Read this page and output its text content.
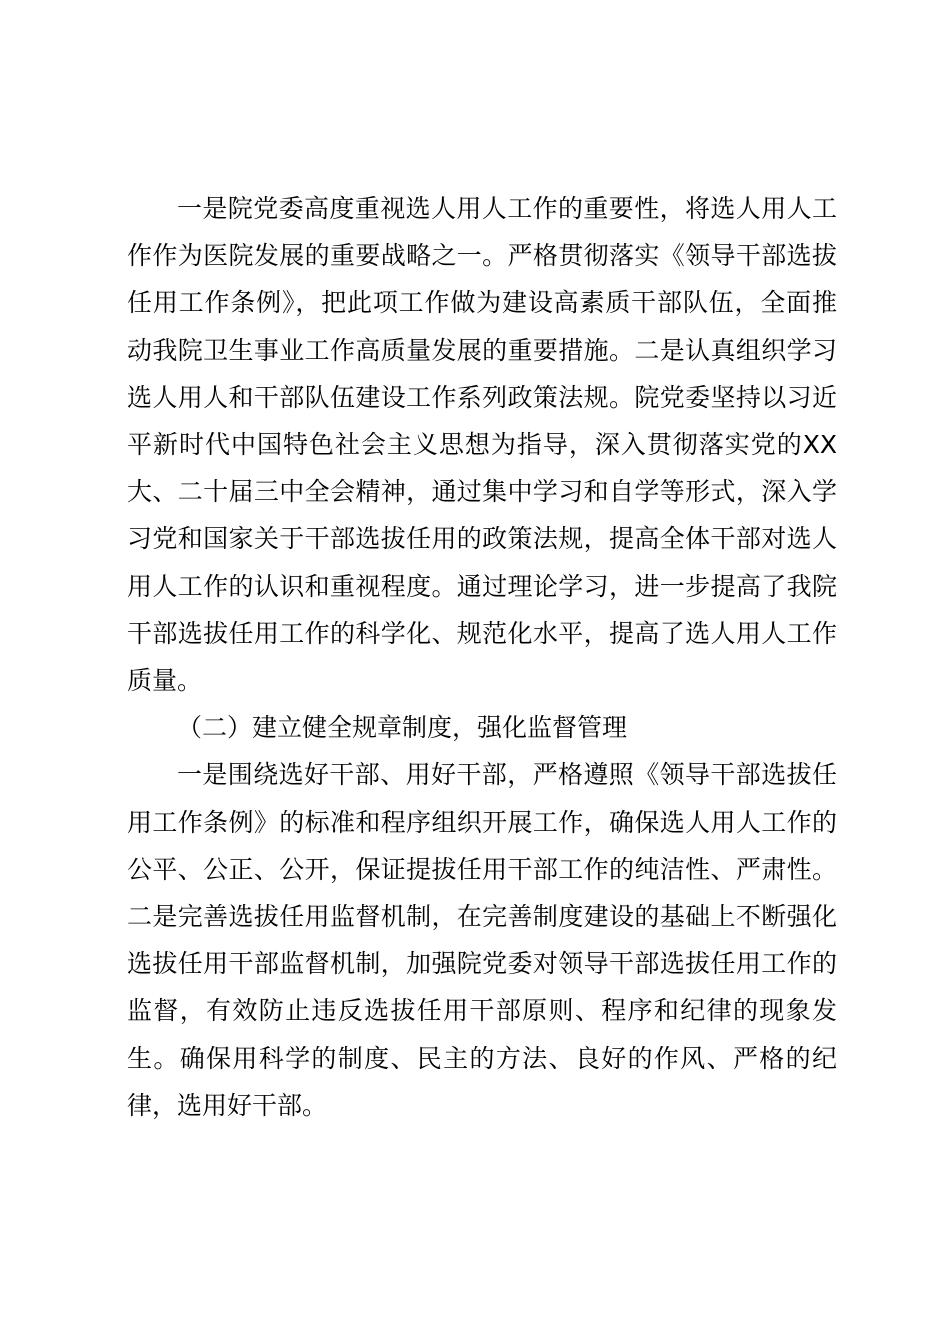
一是院党委高度重视选人用人工作的重要性，将选人用人工作作为医院发展的重要战略之一。严格贯彻落实《领导干部选拔任用工作条例》，把此项工作做为建设高素质干部队伍，全面推动我院卫生事业工作高质量发展的重要措施。二是认真组织学习选人用人和干部队伍建设工作系列政策法规。院党委坚持以习近平新时代中国特色社会主义思想为指导，深入贯彻落实党的XX大、二十届三中全会精神，通过集中学习和自学等形式，深入学习党和国家关于干部选拔任用的政策法规，提高全体干部对选人用人工作的认识和重视程度。通过理论学习，进一步提高了我院干部选拔任用工作的科学化、规范化水平，提高了选人用人工作质量。

（二）建立健全规章制度，强化监督管理

一是围绕选好干部、用好干部，严格遵照《领导干部选拔任用工作条例》的标准和程序组织开展工作，确保选人用人工作的公平、公正、公开，保证提拔任用干部工作的纯洁性、严肃性。二是完善选拔任用监督机制，在完善制度建设的基础上不断强化选拔任用干部监督机制，加强院党委对领导干部选拔任用工作的监督，有效防止违反选拔任用干部原则、程序和纪律的现象发生。确保用科学的制度、民主的方法、良好的作风、严格的纪律，选用好干部。
